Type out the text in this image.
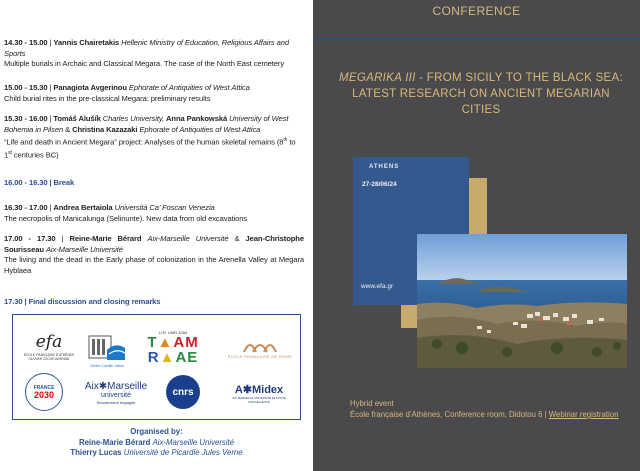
14.30 - 15.00 | Yannis Chairetakis Hellenic Ministry of Education, Religious Affairs and Sports
Multiple burials in Archaic and Classical Megara. The case of the North East cemetery
15.00 - 15.30 | Panagiota Avgerinou Ephorate of Antiquities of West Attica
Child burial rites in the pre-classical Megara: preliminary results
15.30 - 16.00 | Tomáš Alušík Charles University, Anna Pankowská University of West Bohemia in Pilsen & Christina Kazazaki Ephorate of Antiquities of West Attica
“Life and death in Ancient Megara” project: Analyses of the human skeletal remains (8th to 1st centuries BC)
16.00 - 16.30 | Break
16.30 - 17.00 | Andrea Bertaiola Università Ca’ Foscari Venezia
The necropolis of Manicalunga (Selinunte). New data from old excavations
17.00 - 17.30 | Reine-Marie Bérard Aix-Marseille Université & Jean-Christophe Sourisseau Aix-Marseille Université
The living and the dead in the Early phase of colonization in the Arenella Valley at Megara Hyblaea
17.30 | Final discussion and closing remarks
efa
ÉCOLE FRANÇAISE D’ATHÈNES
ΓΑΛΛΙΚΗ ΣΧΟΛΗ ΑΘΗΝΩΝ
Centre Camille Jullian
U.R. UMR 4284
T▲AM
R▲AE	ÉCOLE FRANÇAISE DE ROME
FRANCE
2030
Aix✱Marseille
université
Socialement engagée
cnrs	A✱Midex
AIX-MARSEILLE UNIVERSITÉ INITIATIVE D’EXCELLENCE
Organised by:
Reine-Marie Bérard Aix-Marseille Université
Thierry Lucas Université de Picardie Jules Verne
CONFERENCE
MEGARIKA III - FROM SICILY TO THE BLACK SEA:
LATEST RESEARCH ON ANCIENT MEGARIAN CITIES
ATHENS
27-28/06/24
www.efa.gr
Hybrid event
École française d’Athènes, Conference room, Didotou 6 | Webinar registration
